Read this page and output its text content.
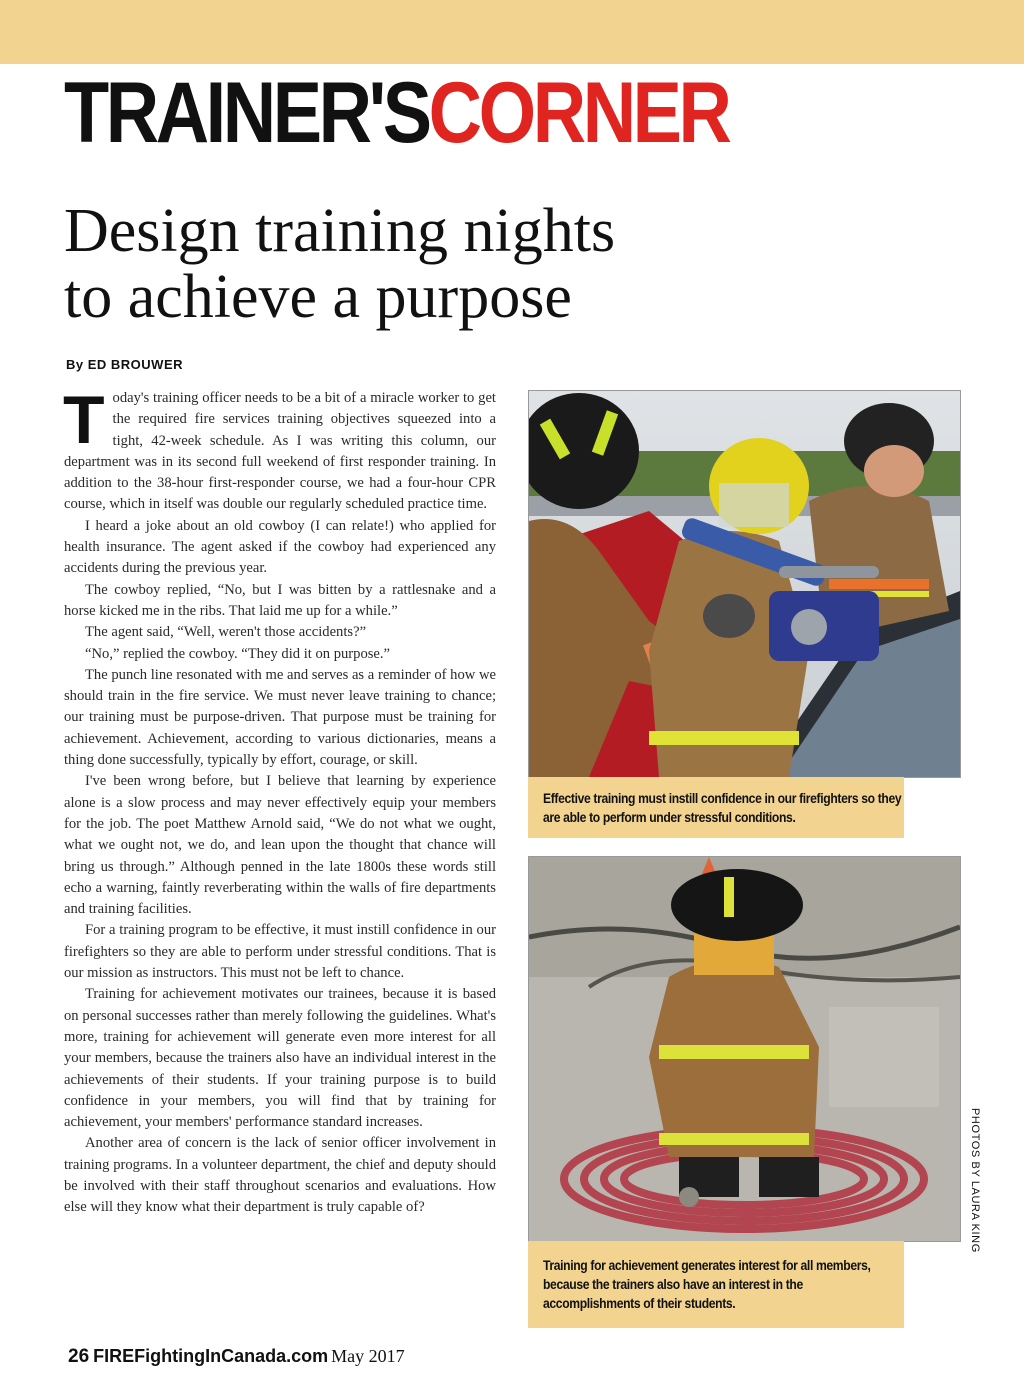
TRAINER'SCORNER
Design training nights
to achieve a purpose
By ED BROUWER

Today's training officer needs to be a bit of a miracle worker to get the required fire services training objectives squeezed into a tight, 42-week schedule. As I was writing this column, our department was in its second full weekend of first responder training. In addition to the 38-hour first-responder course, we had a four-hour CPR course, which in itself was double our regularly scheduled practice time.

I heard a joke about an old cowboy (I can relate!) who applied for health insurance. The agent asked if the cowboy had experienced any accidents during the previous year.

The cowboy replied, “No, but I was bitten by a rattlesnake and a horse kicked me in the ribs. That laid me up for a while.”

The agent said, “Well, weren't those accidents?”

“No,” replied the cowboy. “They did it on purpose.”

The punch line resonated with me and serves as a reminder of how we should train in the fire service. We must never leave training to chance; our training must be purpose-driven. That purpose must be training for achievement. Achievement, according to various dictionaries, means a thing done successfully, typically by effort, courage, or skill.

I've been wrong before, but I believe that learning by experience alone is a slow process and may never effectively equip your members for the job. The poet Matthew Arnold said, “We do not what we ought, what we ought not, we do, and lean upon the thought that chance will bring us through.” Although penned in the late 1800s these words still echo a warning, faintly reverberating within the walls of fire departments and training facilities.

For a training program to be effective, it must instill confidence in our firefighters so they are able to perform under stressful conditions. That is our mission as instructors. This must not be left to chance.

Training for achievement motivates our trainees, because it is based on personal successes rather than merely following the guidelines. What's more, training for achievement will generate even more interest for all your members, because the trainers also have an individual interest in the achievements of their students. If your training purpose is to build confidence in your members, you will find that by training for achievement, your members' performance standard increases.

Another area of concern is the lack of senior officer involvement in training programs. In a volunteer department, the chief and deputy should be involved with their staff throughout scenarios and evaluations. How else will they know what their department is truly capable of?

Effective training must instill confidence in our firefighters so they are able to perform under stressful conditions.
Training for achievement generates interest for all members, because the trainers also have an interest in the accomplishments of their students.
PHOTOS BY LAURA KING
26 FIREFightingInCanada.com May 2017
